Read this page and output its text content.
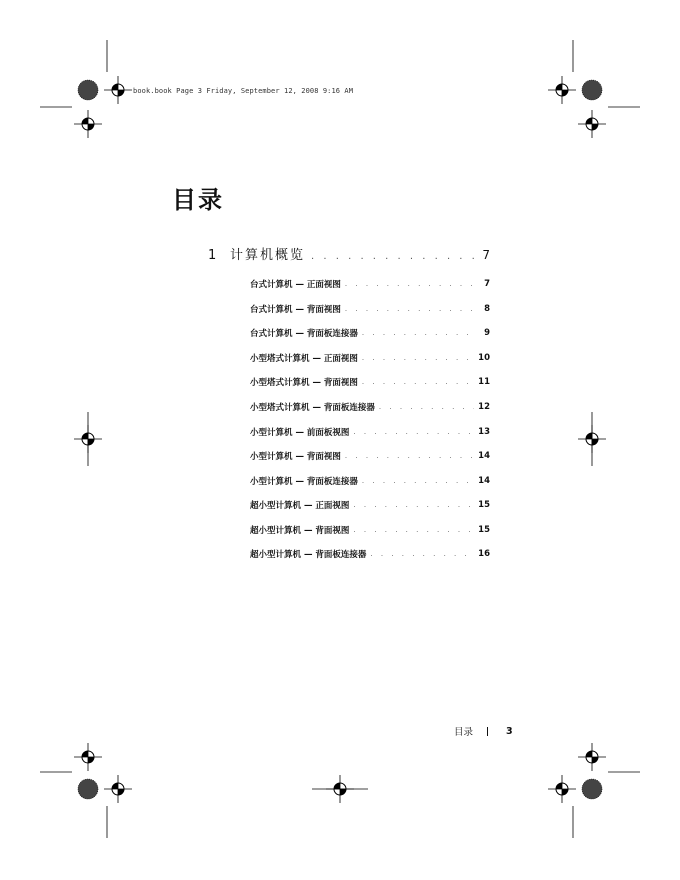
book.book Page 3 Friday, September 12, 2008 9:16 AM
目录
1	计算机概览 . . .	7
台式计算机 — 正面视图 . . .	7
台式计算机 — 背面视图 . . .	8
台式计算机 — 背面板连接器 . . .	9
小型塔式计算机 — 正面视图 . . .	10
小型塔式计算机 — 背面视图 . . .	11
小型塔式计算机 — 背面板连接器 . . .	12
小型计算机 — 前面板视图 . . .	13
小型计算机 — 背面视图 . . .	14
小型计算机 — 背面板连接器 . . .	14
超小型计算机 — 正面视图 . . .	15
超小型计算机 — 背面视图 . . .	15
超小型计算机 — 背面板连接器 . . .	16
目录	3
